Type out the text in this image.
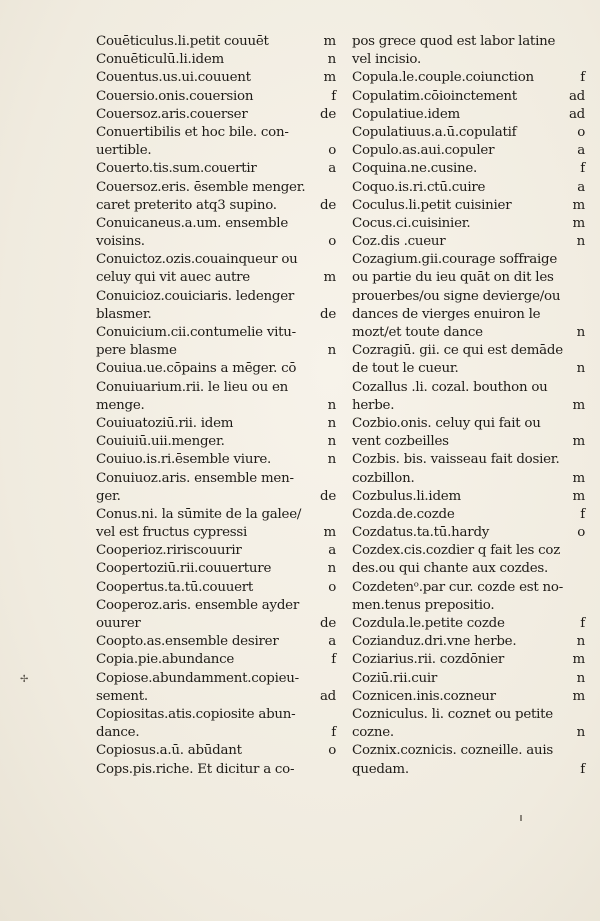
Couēticulus.li.petit couuēt	m
Conuēticulū.li.idem	n
Couentus.us.ui.couuent	m
Couersio.onis.couersion	f
Couersoz.aris.couerser	de
Conuertibilis et hoc bile. con-
uertible.	o
Couerto.tis.sum.couertir	a
Couersoz.eris. ēsemble menger.
caret preterito atq3 supino.	de
Conuicaneus.a.um. ensemble
voisins.	o
Conuictoz.ozis.couainqueur ou
celuy qui vit auec autre	m
Conuicioz.couiciaris. ledenger
blasmer.	de
Conuicium.cii.contumelie vitu-
pere blasme	n
Couiua.ue.cōpains a mēger. cō
Conuiuarium.rii. le lieu ou en
menge.	n
Couiuatoziū.rii. idem	n
Couiuiū.uii.menger.	n
Couiuo.is.ri.ēsemble viure.	n
Conuiuoz.aris. ensemble men-
ger.	de
Conus.ni. la sūmite de la galee/
vel est fructus cypressi	m
Cooperioz.ririscouurir	a
Coopertoziū.rii.couuerture	n
Coopertus.ta.tū.couuert	o
Cooperoz.aris. ensemble ayder
ouurer	de
Coopto.as.ensemble desirer	a
Copia.pie.abundance	f
Copiose.abundamment.copieu-
sement.	ad
Copiositas.atis.copiosite abun-
dance.	f
Copiosus.a.ū. abūdant	o
Cops.pis.riche. Et dicitur a co-
pos grece quod est labor latine
vel incisio.
Copula.le.couple.coiunction	f
Copulatim.cōioinctement	ad
Copulatiue.idem	ad
Copulatiuus.a.ū.copulatif	o
Copulo.as.aui.copuler	a
Coquina.ne.cusine.	f
Coquo.is.ri.ctū.cuire	a
Coculus.li.petit cuisinier	m
Cocus.ci.cuisinier.	m
Coz.dis .cueur	n
Cozagium.gii.courage soffraige
ou partie du ieu quāt on dit les
prouerbes/ou signe devierge/ou
dances de vierges enuiron le
mozt/et toute dance	n
Cozragiū. gii. ce qui est demāde
de tout le cueur.	n
Cozallus .li. cozal. bouthon ou
herbe.	m
Cozbio.onis. celuy qui fait ou
vent cozbeilles	m
Cozbis. bis. vaisseau fait dosier.
cozbillon.	m
Cozbulus.li.idem	m
Cozda.de.cozde	f
Cozdatus.ta.tū.hardy	o
Cozdex.cis.cozdier q fait les coz
des.ou qui chante aux cozdes.
Cozdetenᵒ.par cur. cozde est no-
men.tenus prepositio.
Cozdula.le.petite cozde	f
Cozianduz.dri.vne herbe.	n
Coziarius.rii. cozdōnier	m
Coziū.rii.cuir	n
Coznicen.inis.cozneur	m
Cozniculus. li. coznet ou petite
cozne.	n
Coznix.coznicis. cozneille. auis
quedam.	f
✢
